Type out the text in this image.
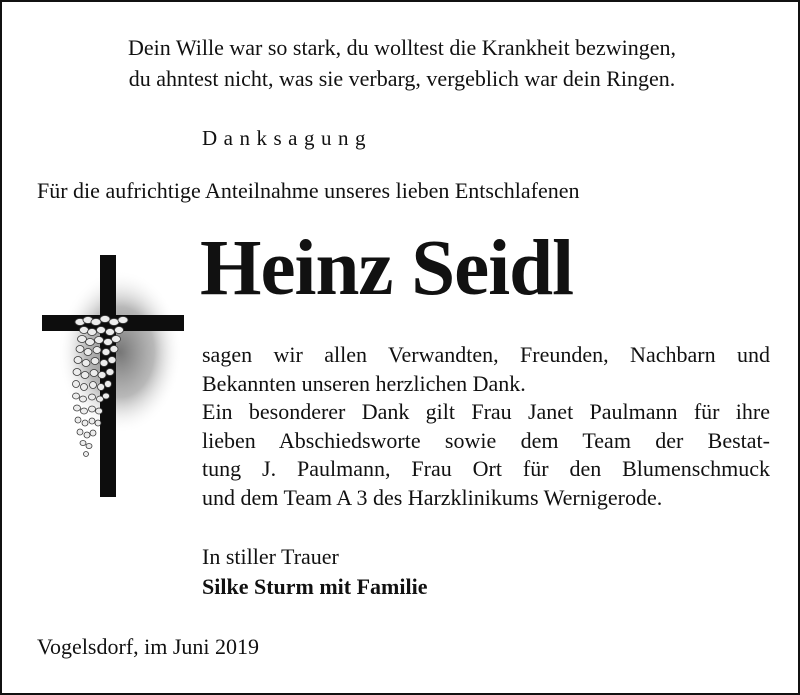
Dein Wille war so stark, du wolltest die Krankheit bezwingen,
du ahntest nicht, was sie verbarg, vergeblich war dein Ringen.
Danksagung
Für die aufrichtige Anteilnahme unseres lieben Entschlafenen
Heinz Seidl
sagen wir allen Verwandten, Freunden, Nachbarn und
Bekannten unseren herzlichen Dank.
Ein besonderer Dank gilt Frau Janet Paulmann für ihre
lieben Abschiedsworte sowie dem Team der Bestat-
tung J. Paulmann, Frau Ort für den Blumenschmuck
und dem Team A 3 des Harzklinikums Wernigerode.
In stiller Trauer
Silke Sturm mit Familie
Vogelsdorf, im Juni 2019
